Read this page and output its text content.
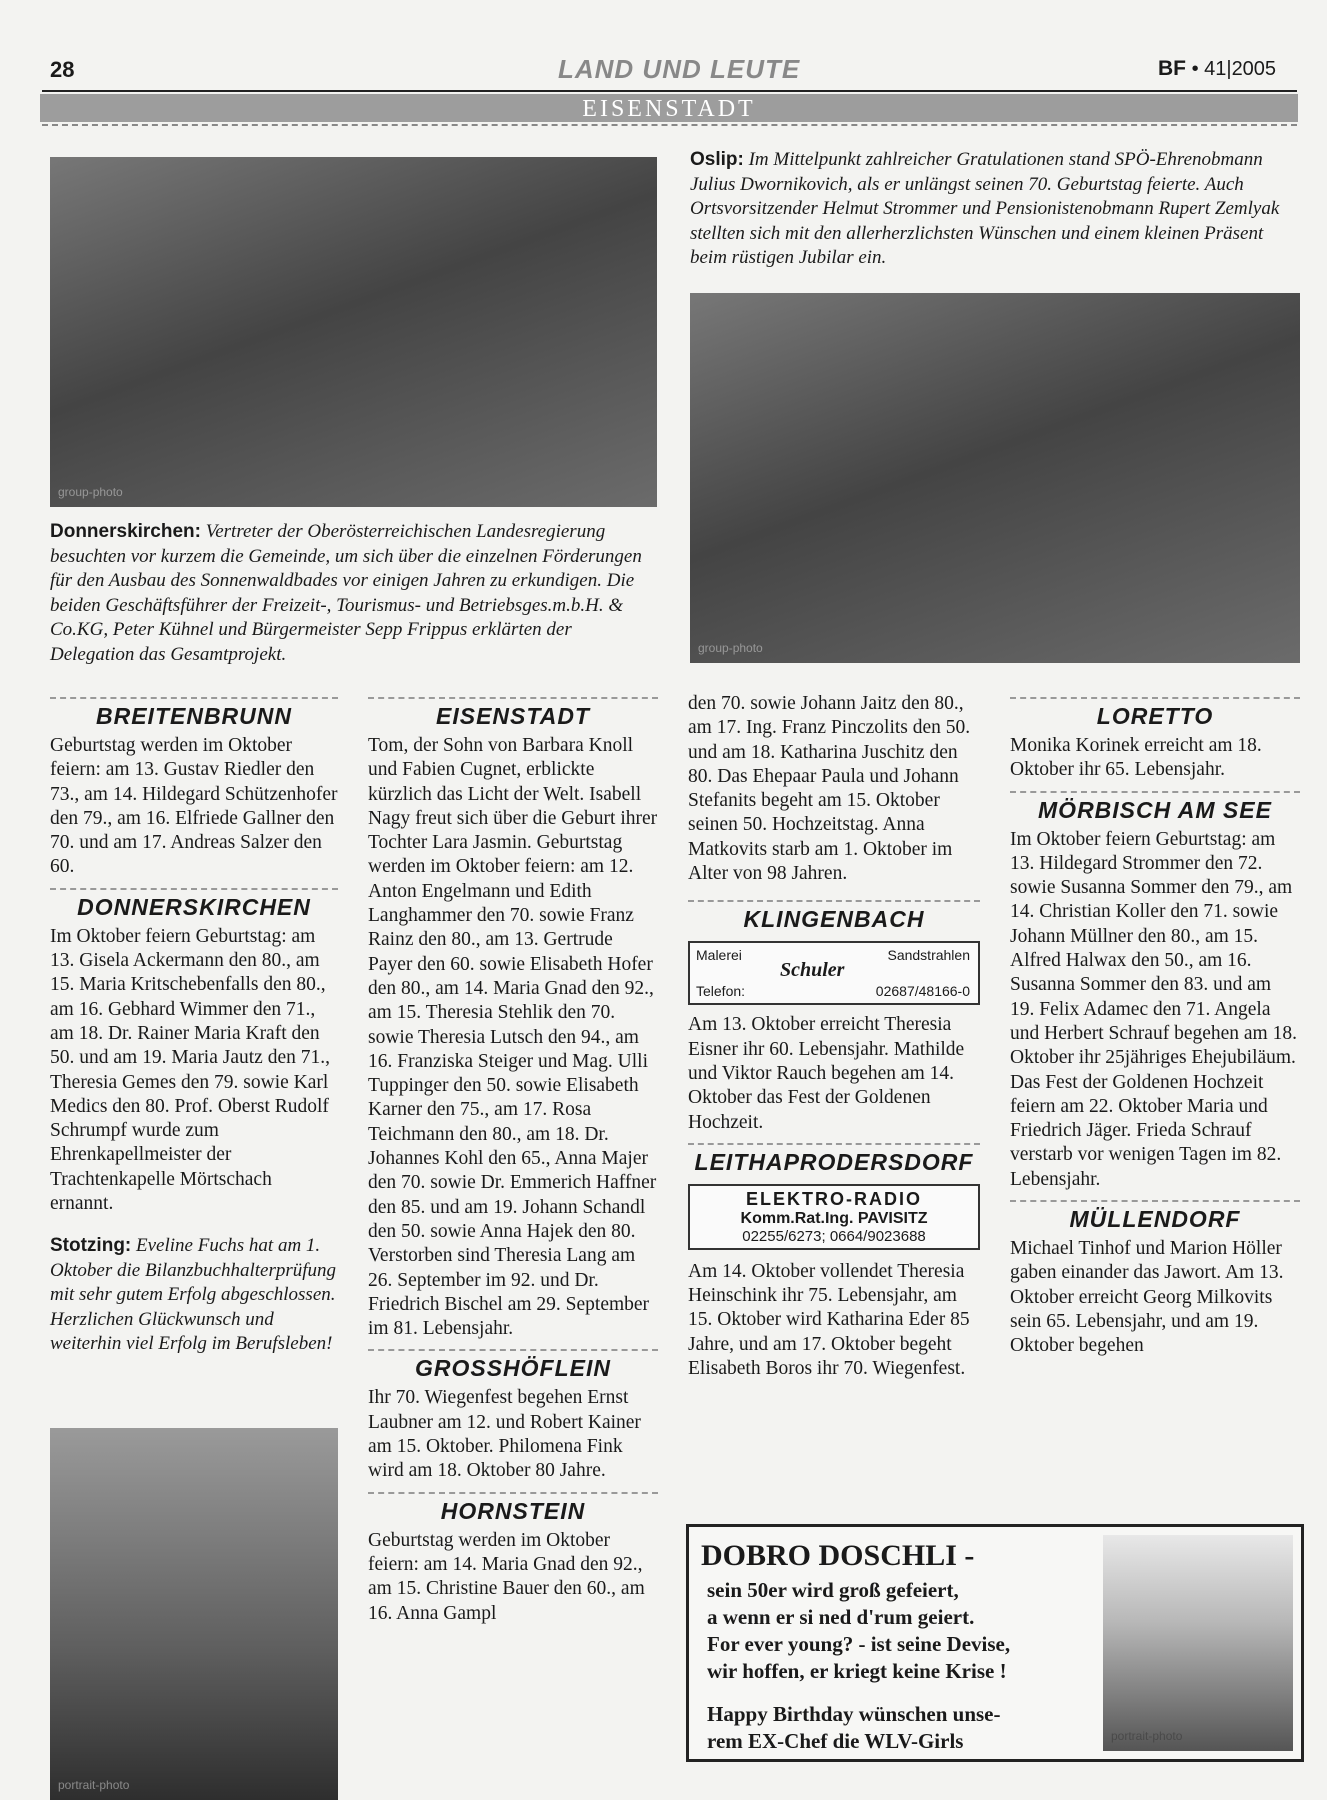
28	LAND UND LEUTE	BF • 41|2005
EISENSTADT
group-photo
Donnerskirchen: Vertreter der Oberösterreichischen Landesregierung besuchten vor kurzem die Gemeinde, um sich über die einzelnen Förderungen für den Ausbau des Sonnenwaldbades vor einigen Jahren zu erkundigen. Die beiden Geschäftsführer der Freizeit-, Tourismus- und Betriebsges.m.b.H. & Co.KG, Peter Kühnel und Bürgermeister Sepp Frippus erklärten der Delegation das Gesamtprojekt.
Oslip: Im Mittelpunkt zahlreicher Gratulationen stand SPÖ-Ehrenobmann Julius Dwornikovich, als er unlängst seinen 70. Geburtstag feierte. Auch Ortsvorsitzender Helmut Strommer und Pensionistenobmann Rupert Zemlyak stellten sich mit den allerherzlichsten Wünschen und einem kleinen Präsent beim rüstigen Jubilar ein.
group-photo
BREITENBRUNN
Geburtstag werden im Oktober feiern: am 13. Gustav Riedler den 73., am 14. Hildegard Schützenhofer den 79., am 16. Elfriede Gallner den 70. und am 17. Andreas Salzer den 60.
DONNERSKIRCHEN
Im Oktober feiern Geburtstag: am 13. Gisela Ackermann den 80., am 15. Maria Kritschebenfalls den 80., am 16. Gebhard Wimmer den 71., am 18. Dr. Rainer Maria Kraft den 50. und am 19. Maria Jautz den 71., Theresia Gemes den 79. sowie Karl Medics den 80. Prof. Oberst Rudolf Schrumpf wurde zum Ehrenkapellmeister der Trachtenkapelle Mörtschach ernannt.
Stotzing: Eveline Fuchs hat am 1. Oktober die Bilanzbuchhalterprüfung mit sehr gutem Erfolg abgeschlossen. Herzlichen Glückwunsch und weiterhin viel Erfolg im Berufsleben!
portrait-photo
EISENSTADT
Tom, der Sohn von Barbara Knoll und Fabien Cugnet, erblickte kürzlich das Licht der Welt. Isabell Nagy freut sich über die Geburt ihrer Tochter Lara Jasmin. Geburtstag werden im Oktober feiern: am 12. Anton Engelmann und Edith Langhammer den 70. sowie Franz Rainz den 80., am 13. Gertrude Payer den 60. sowie Elisabeth Hofer den 80., am 14. Maria Gnad den 92., am 15. Theresia Stehlik den 70. sowie Theresia Lutsch den 94., am 16. Franziska Steiger und Mag. Ulli Tuppinger den 50. sowie Elisabeth Karner den 75., am 17. Rosa Teichmann den 80., am 18. Dr. Johannes Kohl den 65., Anna Majer den 70. sowie Dr. Emmerich Haffner den 85. und am 19. Johann Schandl den 50. sowie Anna Hajek den 80. Verstorben sind Theresia Lang am 26. September im 92. und Dr. Friedrich Bischel am 29. September im 81. Lebensjahr.
GROSSHÖFLEIN
Ihr 70. Wiegenfest begehen Ernst Laubner am 12. und Robert Kainer am 15. Oktober. Philomena Fink wird am 18. Oktober 80 Jahre.
HORNSTEIN
Geburtstag werden im Oktober feiern: am 14. Maria Gnad den 92., am 15. Christine Bauer den 60., am 16. Anna Gampl
den 70. sowie Johann Jaitz den 80., am 17. Ing. Franz Pinczolits den 50. und am 18. Katharina Juschitz den 80. Das Ehepaar Paula und Johann Stefanits begeht am 15. Oktober seinen 50. Hochzeitstag. Anna Matkovits starb am 1. Oktober im Alter von 98 Jahren.
KLINGENBACH
Malerei	Sandstrahlen
Schuler
Telefon:	02687/48166-0
Am 13. Oktober erreicht Theresia Eisner ihr 60. Lebensjahr. Mathilde und Viktor Rauch begehen am 14. Oktober das Fest der Goldenen Hochzeit.
LEITHAPRODERSDORF
ELEKTRO-RADIO
Komm.Rat.Ing. PAVISITZ
02255/6273; 0664/9023688
Am 14. Oktober vollendet Theresia Heinschink ihr 75. Lebensjahr, am 15. Oktober wird Katharina Eder 85 Jahre, und am 17. Oktober begeht Elisabeth Boros ihr 70. Wiegenfest.
LORETTO
Monika Korinek erreicht am 18. Oktober ihr 65. Lebensjahr.
MÖRBISCH AM SEE
Im Oktober feiern Geburtstag: am 13. Hildegard Strommer den 72. sowie Susanna Sommer den 79., am 14. Christian Koller den 71. sowie Johann Müllner den 80., am 15. Alfred Halwax den 50., am 16. Susanna Sommer den 83. und am 19. Felix Adamec den 71. Angela und Herbert Schrauf begehen am 18. Oktober ihr 25jähriges Ehejubiläum. Das Fest der Goldenen Hochzeit feiern am 22. Oktober Maria und Friedrich Jäger. Frieda Schrauf verstarb vor wenigen Tagen im 82. Lebensjahr.
MÜLLENDORF
Michael Tinhof und Marion Höller gaben einander das Jawort. Am 13. Oktober erreicht Georg Milkovits sein 65. Lebensjahr, und am 19. Oktober begehen
DOBRO DOSCHLI -
sein 50er wird groß gefeiert,
a wenn er si ned d'rum geiert.
For ever young? - ist seine Devise,
wir hoffen, er kriegt keine Krise !
Happy Birthday wünschen unse-
rem EX-Chef die WLV-Girls	portrait-photo
